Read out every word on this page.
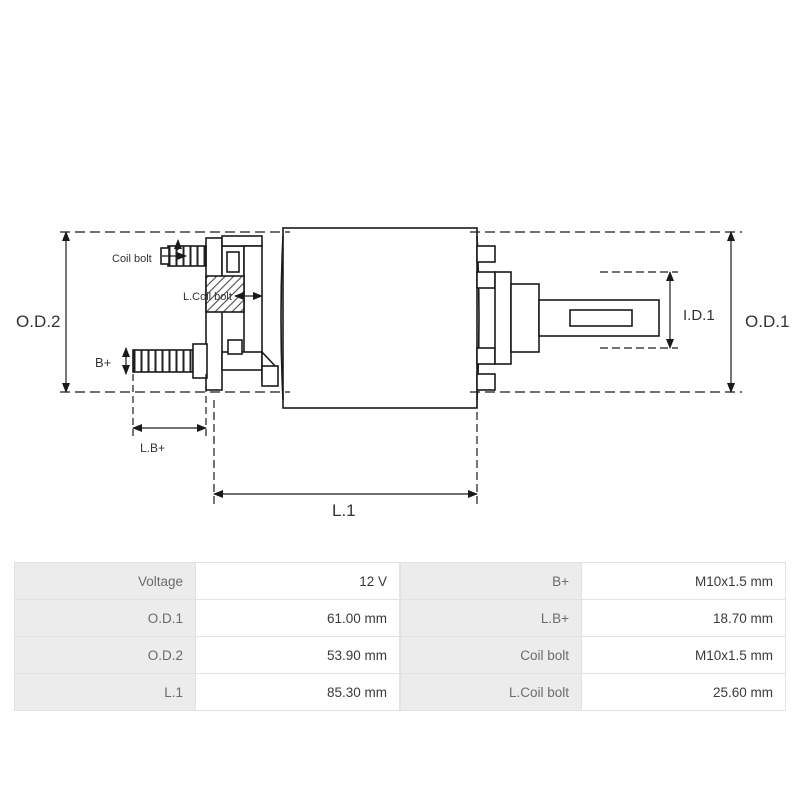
O.D.2	O.D.1
I.D.1
L.1
B+
L.B+
Coil bolt
L.Coil bolt
Voltage	12 V
O.D.1	61.00 mm
O.D.2	53.90 mm
L.1	85.30 mm
B+	M10x1.5 mm
L.B+	18.70 mm
Coil bolt	M10x1.5 mm
L.Coil bolt	25.60 mm
